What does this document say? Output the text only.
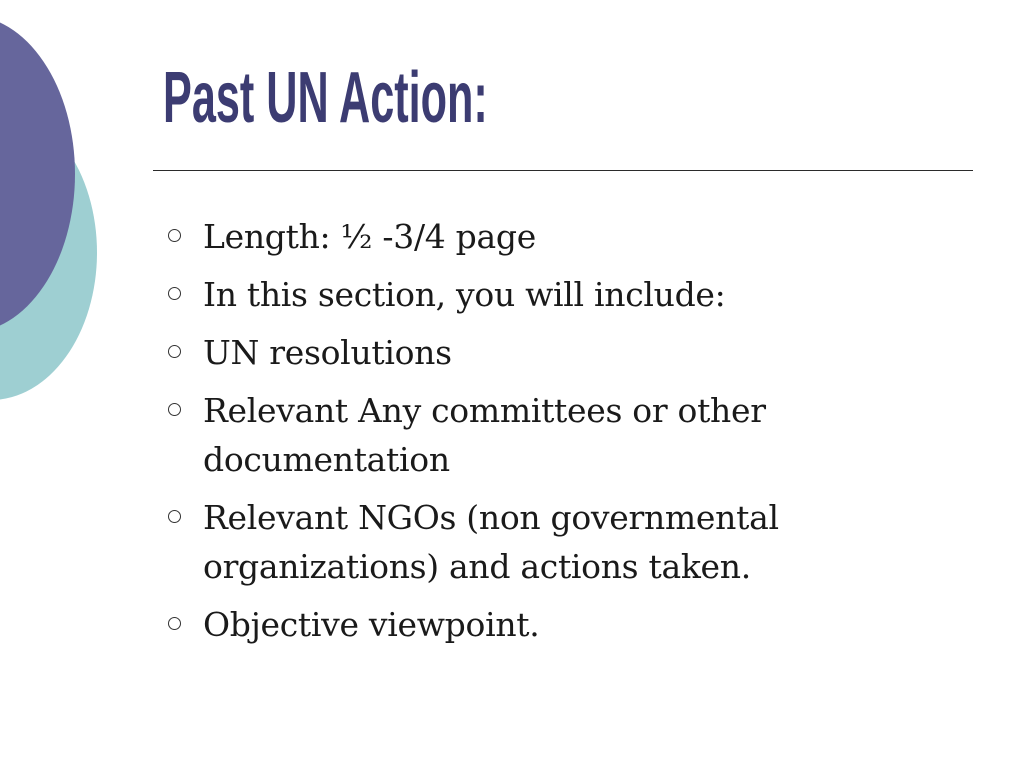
Past UN Action:
Length: ½ -3/4 page
In this section, you will include:
UN resolutions
Relevant Any committees or other documentation
Relevant NGOs (non governmental organizations) and actions taken.
Objective viewpoint.
